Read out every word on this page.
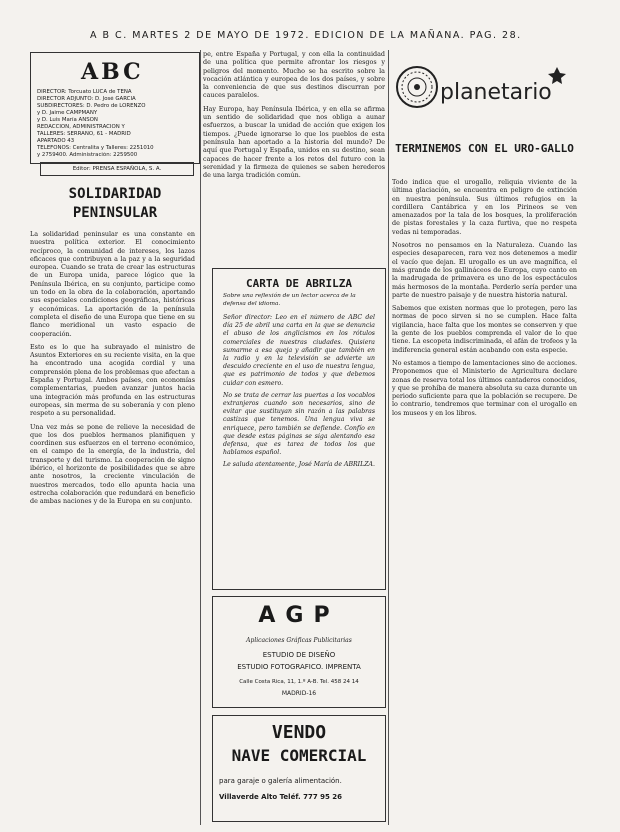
A B C. MARTES 2 DE MAYO DE 1972. EDICION DE LA MAÑANA. PAG. 28.
ABC
DIRECTOR: Torcuato LUCA de TENA
DIRECTOR ADJUNTO: D. José GARCIA
SUBDIRECTORES: D. Pedro de LORENZO
y D. Jaime CAMPMANY
y D. Luis María ANSON
REDACCION, ADMINISTRACION Y
TALLERES: SERRANO, 61 - MADRID
APARTADO 43
TELEFONOS: Centralita y Talleres: 2251010
y 2759400. Administración: 2259500
Editor: PRENSA ESPAÑOLA, S. A.
SOLIDARIDAD PENINSULAR

La solidaridad peninsular es una constante en nuestra política exterior. El conocimiento recíproco, la comunidad de intereses, los lazos eficaces que contribuyen a la paz y a la seguridad europea. Cuando se trata de crear las estructuras de un Europa unida, parece lógico que la Península Ibérica, en su conjunto, participe como un todo en la obra de la colaboración, aportando sus especiales condiciones geográficas, históricas y económicas. La aportación de la península completa el diseño de una Europa que tiene en su flanco meridional un vasto espacio de cooperación.

Esto es lo que ha subrayado el ministro de Asuntos Exteriores en su reciente visita, en la que ha encontrado una acogida cordial y una comprensión plena de los problemas que afectan a España y Portugal. Ambos países, con economías complementarias, pueden avanzar juntos hacia una integración más profunda en las estructuras europeas, sin merma de su soberanía y con pleno respeto a su personalidad.

Una vez más se pone de relieve la necesidad de que los dos pueblos hermanos planifiquen y coordinen sus esfuerzos en el terreno económico, en el campo de la energía, de la industria, del transporte y del turismo. La cooperación de signo ibérico, el horizonte de posibilidades que se abre ante nosotros, la creciente vinculación de nuestros mercados, todo ello apunta hacia una estrecha colaboración que redundará en beneficio de ambas naciones y de la Europa en su conjunto.

pe, entre España y Portugal, y con ella la continuidad de una política que permite afrontar los riesgos y peligros del momento. Mucho se ha escrito sobre la vocación atlántica y europea de los dos países, y sobre la conveniencia de que sus destinos discurran por cauces paralelos.

Hay Europa, hay Península Ibérica, y en ella se afirma un sentido de solidaridad que nos obliga a aunar esfuerzos, a buscar la unidad de acción que exigen los tiempos. ¿Puede ignorarse lo que los pueblos de esta península han aportado a la historia del mundo? De aquí que Portugal y España, unidos en su destino, sean capaces de hacer frente a los retos del futuro con la serenidad y la firmeza de quienes se saben herederos de una larga tradición común.

CARTA DE ABRILZA
Sobre una reflexión de un lector acerca de la defensa del idioma.

Señor director: Leo en el número de ABC del día 25 de abril una carta en la que se denuncia el abuso de los anglicismos en los rótulos comerciales de nuestras ciudades. Quisiera sumarme a esa queja y añadir que también en la radio y en la televisión se advierte un descuido creciente en el uso de nuestra lengua, que es patrimonio de todos y que debemos cuidar con esmero.

No se trata de cerrar las puertas a los vocablos extranjeros cuando son necesarios, sino de evitar que sustituyan sin razón a las palabras castizas que tenemos. Una lengua viva se enriquece, pero también se defiende. Confío en que desde estas páginas se siga alentando esa defensa, que es tarea de todos los que hablamos español.

Le saluda atentamente, José María de ABRILZA.

AGP
Aplicaciones Gráficas Publicitarias
ESTUDIO DE DISEÑO
ESTUDIO FOTOGRAFICO. IMPRENTA
Calle Costa Rica, 11, 1.º A-B. Tel. 458 24 14
MADRID-16
VENDO
NAVE COMERCIAL
para garaje o galería alimentación.
Villaverde Alto Teléf. 777 95 26
planetario
TERMINEMOS CON EL URO-GALLO

Todo indica que el urogallo, reliquia viviente de la última glaciación, se encuentra en peligro de extinción en nuestra península. Sus últimos refugios en la cordillera Cantábrica y en los Pirineos se ven amenazados por la tala de los bosques, la proliferación de pistas forestales y la caza furtiva, que no respeta vedas ni temporadas.

Nosotros no pensamos en la Naturaleza. Cuando las especies desaparecen, rara vez nos detenemos a medir el vacío que dejan. El urogallo es un ave magnífica, el más grande de los gallináceos de Europa, cuyo canto en la madrugada de primavera es uno de los espectáculos más hermosos de la montaña. Perderlo sería perder una parte de nuestro paisaje y de nuestra historia natural.

Sabemos que existen normas que lo protegen, pero las normas de poco sirven si no se cumplen. Hace falta vigilancia, hace falta que los montes se conserven y que la gente de los pueblos comprenda el valor de lo que tiene. La escopeta indiscriminada, el afán de trofeos y la indiferencia general están acabando con esta especie.

No estamos a tiempo de lamentaciones sino de acciones. Proponemos que el Ministerio de Agricultura declare zonas de reserva total los últimos cantaderos conocidos, y que se prohíba de manera absoluta su caza durante un periodo suficiente para que la población se recupere. De lo contrario, tendremos que terminar con el urogallo en los museos y en los libros.
